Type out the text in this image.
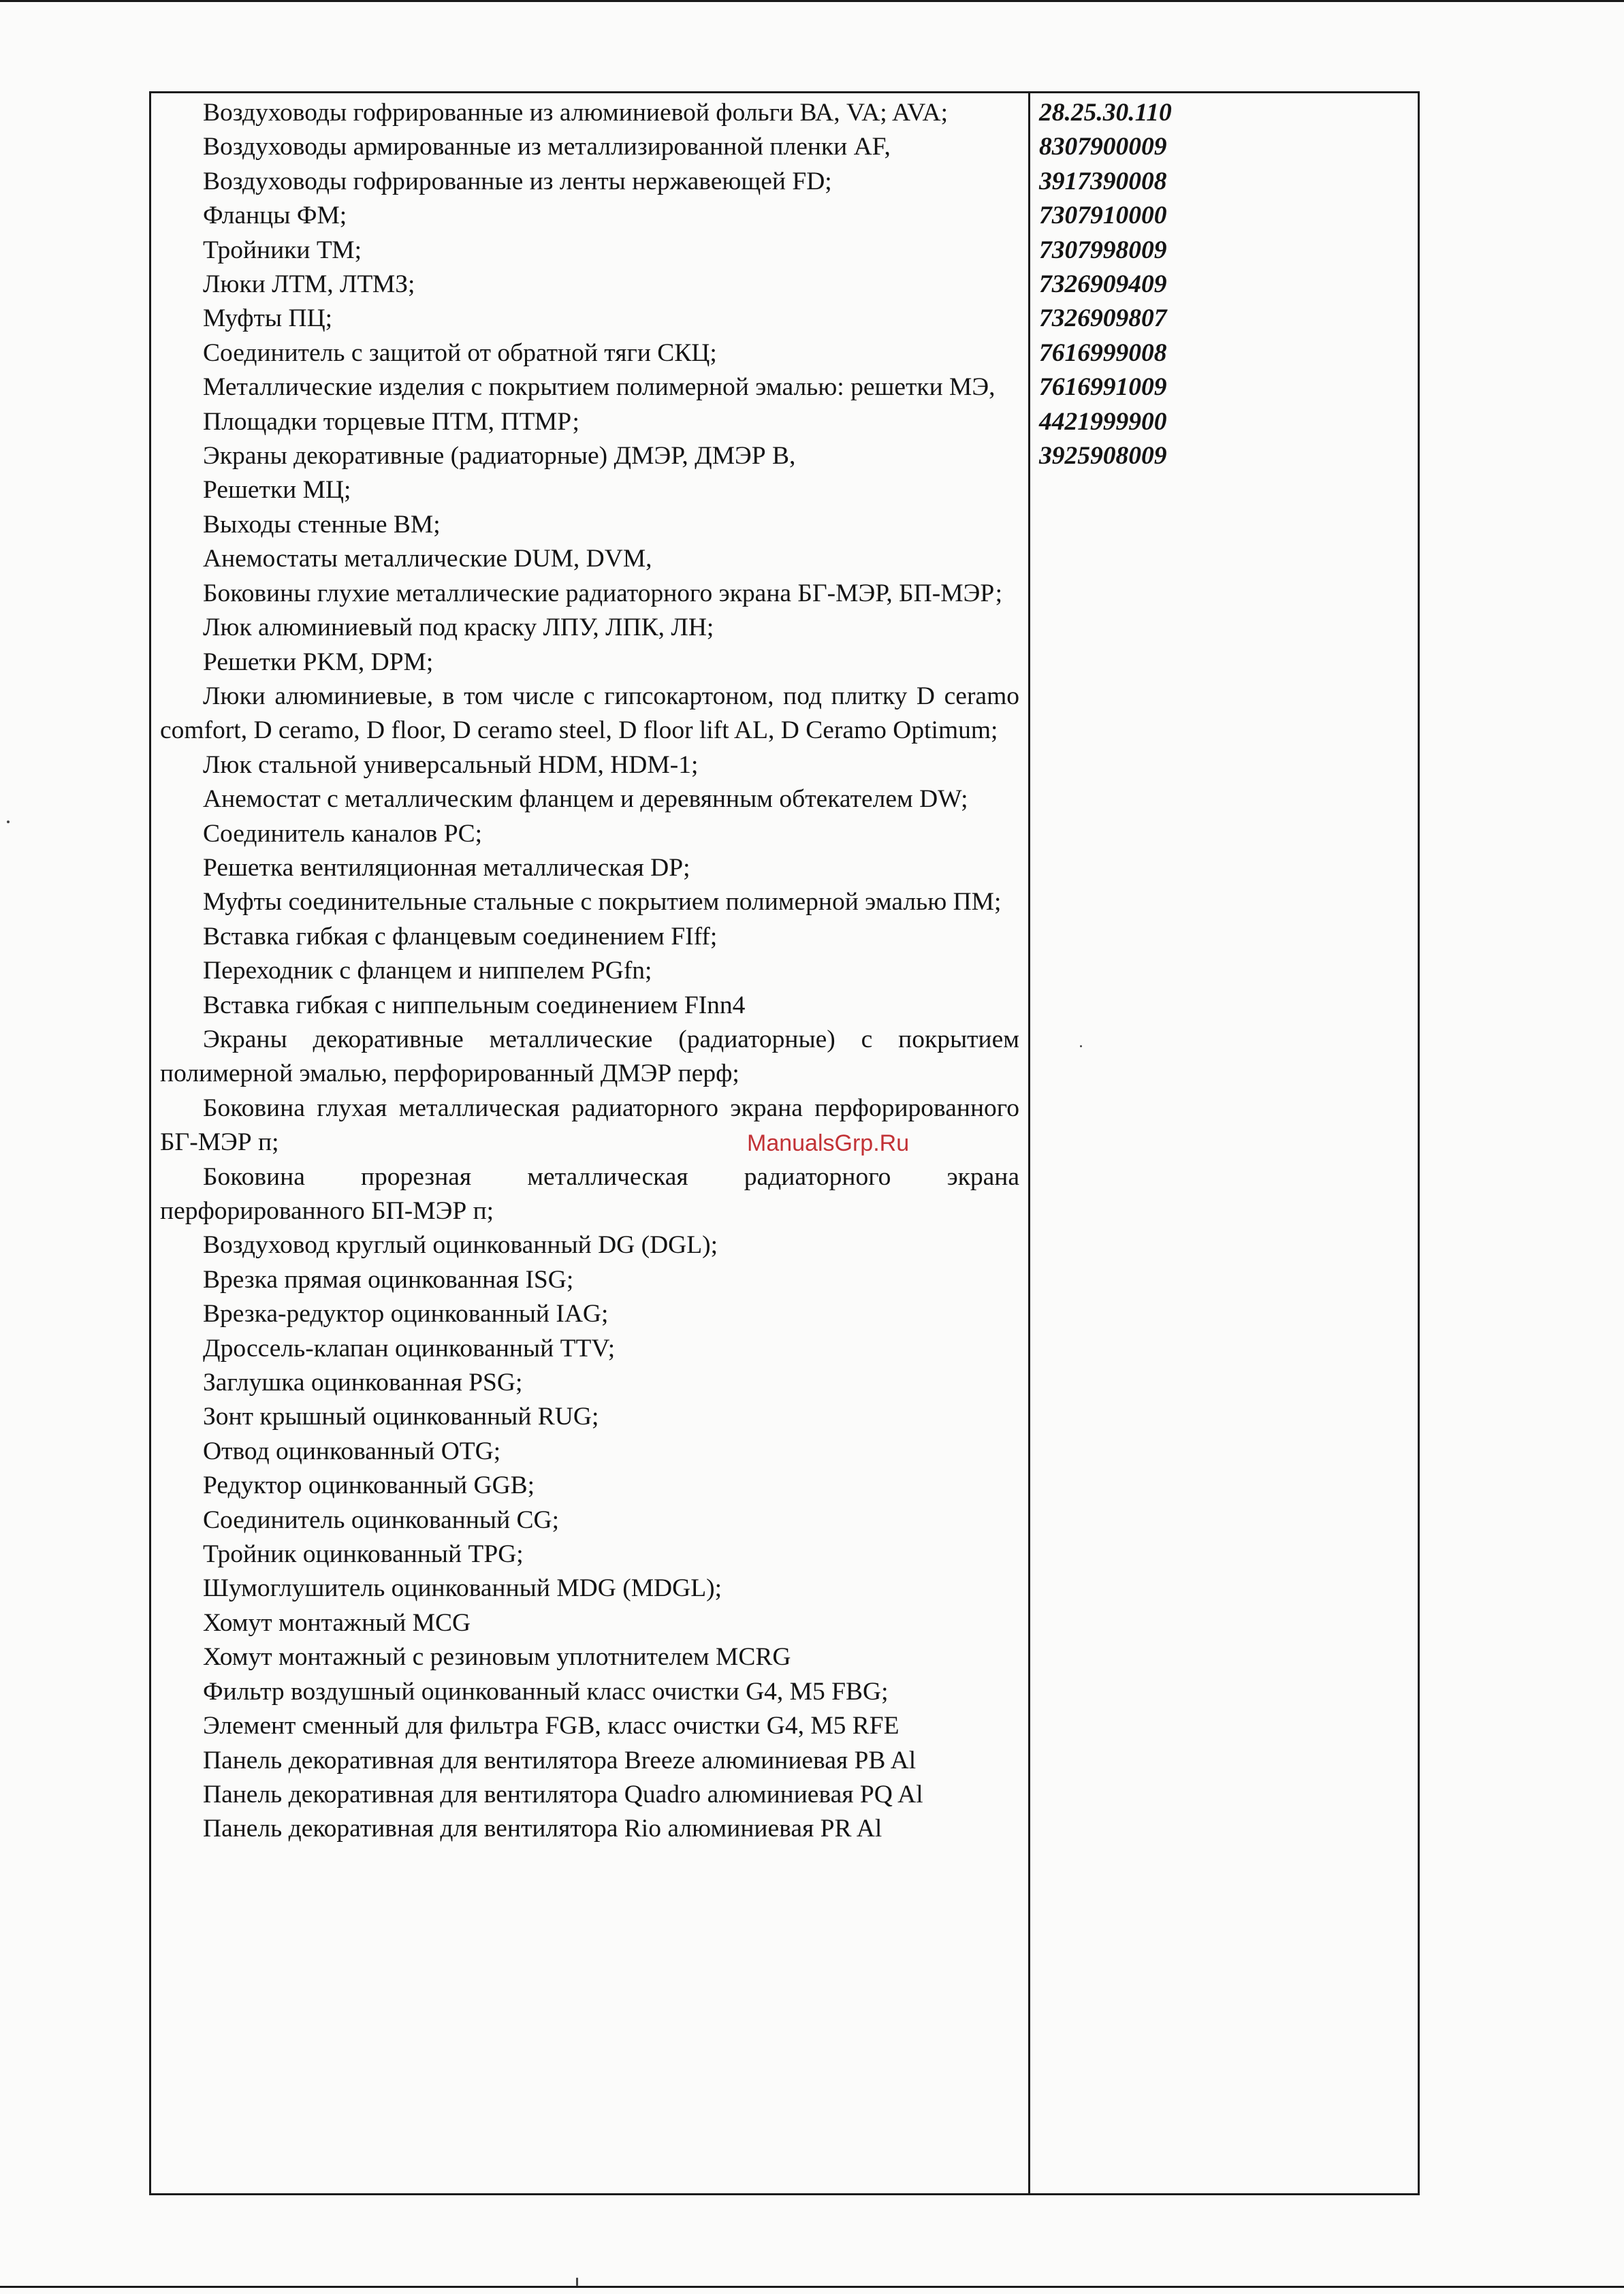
Воздуховоды гофрированные из алюминиевой фольги ВА, VA; AVA;
Воздуховоды армированные из металлизированной пленки AF,
Воздуховоды гофрированные из ленты нержавеющей FD;
Фланцы ФМ;
Тройники ТМ;
Люки ЛТМ, ЛТМЗ;
Муфты ПЦ;
Соединитель с защитой от обратной тяги СКЦ;
Металлические изделия с покрытием полимерной эмалью: решетки МЭ,
Площадки торцевые ПТМ, ПТМР;
Экраны декоративные (радиаторные) ДМЭР, ДМЭР В,
Решетки МЦ;
Выходы стенные ВМ;
Анемостаты металлические DUM, DVM,
Боковины глухие металлические радиаторного экрана БГ-МЭР, БП-МЭР;
Люк алюминиевый под краску ЛПУ, ЛПК, ЛН;
Решетки PKM, DPM;
Люки алюминиевые, в том числе с гипсокартоном, под плитку D ceramo comfort, D ceramo, D floor, D ceramo steel, D floor lift AL, D Ceramo Optimum;
Люк стальной универсальный HDM, HDM-1;
Анемостат с металлическим фланцем и деревянным обтекателем DW;
Соединитель каналов PC;
Решетка вентиляционная металлическая DP;
Муфты соединительные стальные с покрытием полимерной эмалью ПМ;
Вставка гибкая с фланцевым соединением FIff;
Переходник с фланцем и ниппелем PGfn;
Вставка гибкая с ниппельным соединением FInn4
Экраны декоративные металлические (радиаторные) с покрытием полимерной эмалью, перфорированный ДМЭР перф;
Боковина глухая металлическая радиаторного экрана перфорированного БГ-МЭР п;
Боковина прорезная металлическая радиаторного экрана перфорированного БП-МЭР п;
Воздуховод круглый оцинкованный DG (DGL);
Врезка прямая оцинкованная ISG;
Врезка-редуктор оцинкованный IAG;
Дроссель-клапан оцинкованный TTV;
Заглушка оцинкованная PSG;
Зонт крышный оцинкованный RUG;
Отвод оцинкованный OTG;
Редуктор оцинкованный GGB;
Соединитель оцинкованный CG;
Тройник оцинкованный TPG;
Шумоглушитель оцинкованный MDG (MDGL);
Хомут монтажный MCG
Хомут монтажный с резиновым уплотнителем MCRG
Фильтр воздушный оцинкованный класс очистки G4, M5 FBG;
Элемент сменный для фильтра FGB, класс очистки G4, M5 RFE
Панель декоративная для вентилятора Breeze алюминиевая PB Al
Панель декоративная для вентилятора Quadro алюминиевая PQ Al
Панель декоративная для вентилятора Rio алюминиевая PR Al
28.25.30.110
8307900009
3917390008
7307910000
7307998009
7326909409
7326909807
7616999008
7616991009
4421999900
3925908009
ManualsGrp.Ru
